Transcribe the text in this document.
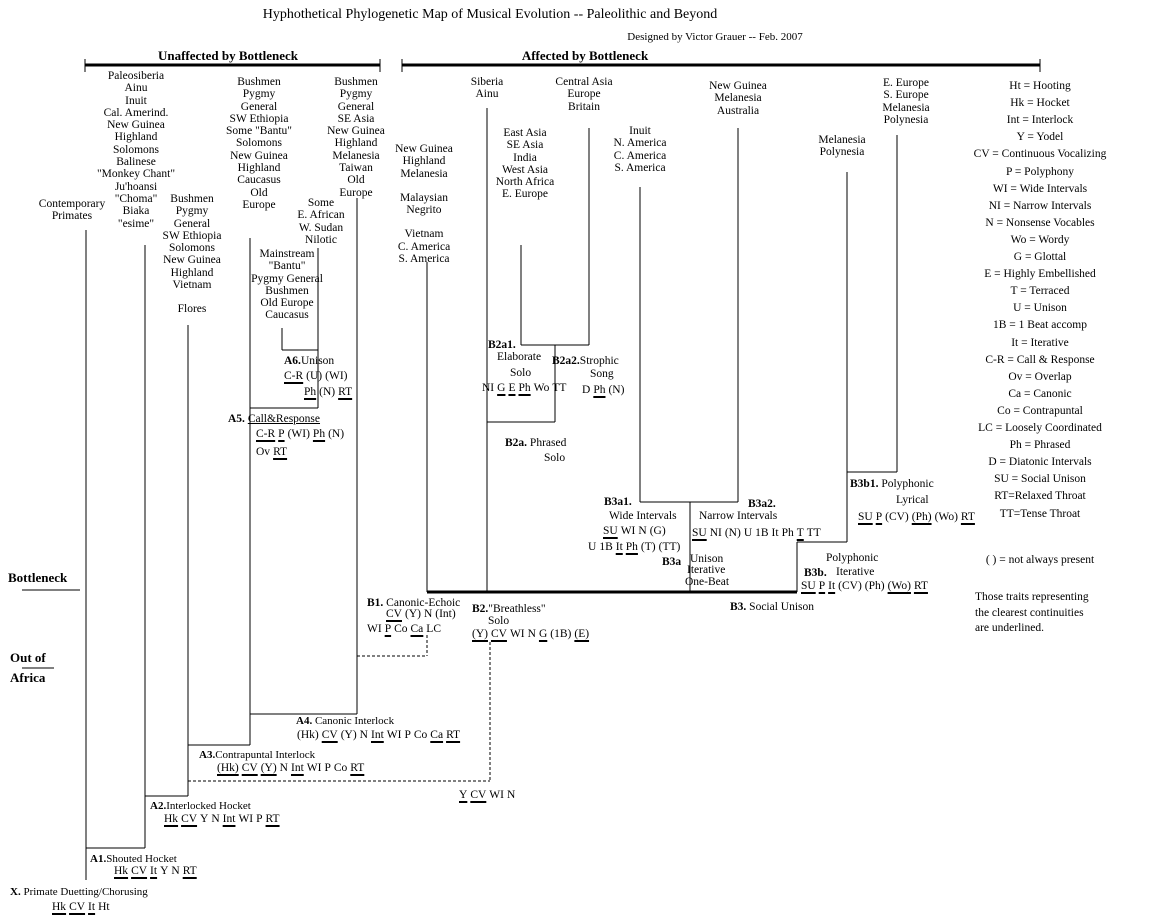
Hyphothetical Phylogenetic Map of Musical Evolution -- Paleolithic and Beyond
Designed by Victor Grauer -- Feb. 2007
Unaffected by Bottleneck	Affected by Bottleneck
Bottleneck
Out of
Africa
Paleosiberia
Ainu
Inuit
Cal. Amerind.
New Guinea
Highland
Solomons
Balinese
"Monkey Chant"
Ju'hoansi
"Choma"
Biaka
"esime"
Contemporary
Primates
Bushmen
Pygmy
General
SW Ethiopia
Some "Bantu"
Solomons
New Guinea
Highland
Caucasus
Old
Europe
Bushmen
Pygmy
General
SE Asia
New Guinea
Highland
Melanesia
Taiwan
Old
Europe
Bushmen
Pygmy
General
SW Ethiopia
Solomons
New Guinea
Highland
Vietnam
Flores
Some
E. African
W. Sudan
Nilotic
Mainstream
"Bantu"
Pygmy General
Bushmen
Old Europe
Caucasus
New Guinea
Highland
Melanesia
Malaysian
Negrito
Vietnam
C. America
S. America
Siberia
Ainu
Central Asia
Europe
Britain
East Asia
SE Asia
India
West Asia
North Africa
E. Europe
Inuit
N. America
C. America
S. America
New Guinea
Melanesia
Australia
E. Europe
S. Europe
Melanesia
Polynesia
Melanesia
Polynesia
X. Primate Duetting/Chorusing
Hk CV It Ht
A1.Shouted Hocket
Hk CV It Y N RT
A2.Interlocked Hocket
Hk CV Y N Int WI P RT
A3.Contrapuntal Interlock
(Hk) CV (Y) N Int WI P Co RT
A4. Canonic Interlock
(Hk) CV (Y) N Int WI P Co Ca RT
A5. Call&Response
C-R P (WI) Ph (N)
Ov RT
A6.Unison
C-R (U) (WI)
Ph (N) RT
B1. Canonic-Echoic
CV (Y) N (Int)
WI P Co Ca LC
B2."Breathless"
Solo
(Y) CV WI N G (1B) (E)
B2a. Phrased
Solo
B2a1.
Elaborate
Solo
NI G E Ph Wo TT
B2a2.Strophic
Song
D Ph (N)
B3. Social Unison
B3a Unison
Iterative
One-Beat
B3a1.
Wide Intervals
SU WI N (G)
U 1B It Ph (T) (TT)
Narrow Intervals
B3a2.
SU NI (N) U 1B It Ph T TT
Polyphonic
B3b. Iterative
SU P It (CV) (Ph) (Wo) RT
B3b1. Polyphonic
Lyrical
SU P (CV) (Ph) (Wo) RT
Y CV WI N
Ht = Hooting
Hk = Hocket
Int = Interlock
Y = Yodel
CV = Continuous Vocalizing
P = Polyphony
WI = Wide Intervals
NI = Narrow Intervals
N = Nonsense Vocables
Wo = Wordy
G = Glottal
E = Highly Embellished
T = Terraced
U = Unison
1B = 1 Beat accomp
It = Iterative
C-R = Call & Response
Ov = Overlap
Ca = Canonic
Co = Contrapuntal
LC = Loosely Coordinated
Ph = Phrased
D = Diatonic Intervals
SU = Social Unison
RT=Relaxed Throat
TT=Tense Throat
( ) = not always present
Those traits representing
the clearest continuities
are underlined.
